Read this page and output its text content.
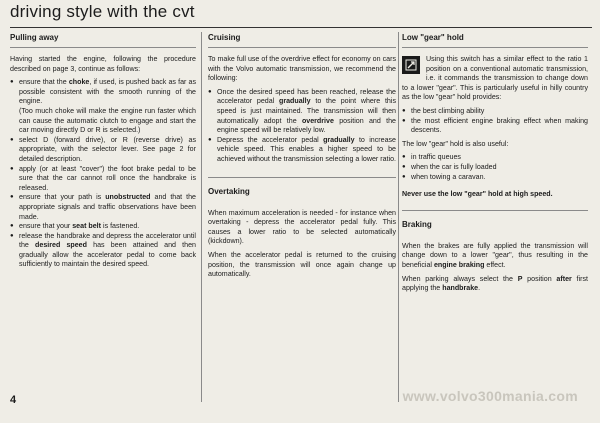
driving style with the cvt
Pulling away

Having started the engine, following the procedure described on page 3, continue as follows:

● ensure that the choke, if used, is pushed back as far as possible consistent with the smooth running of the engine.
(Too much choke will make the engine run faster which can cause the automatic clutch to engage and start the car moving directly D or R is selected.)
● select D (forward drive), or R (reverse drive) as appropriate, with the selector lever. See page 2 for detailed description.
● apply (or at least "cover") the foot brake pedal to be sure that the car cannot roll once the handbrake is released.
● ensure that your path is unobstructed and that the appropriate signals and traffic observations have been made.
● ensure that your seat belt is fastened.
● release the handbrake and depress the accelerator until the desired speed has been attained and then gradually allow the accelerator pedal to come back sufficiently to maintain the desired speed.
Cruising

To make full use of the overdrive effect for economy on cars with the Volvo automatic transmission, we recommend the following:

● Once the desired speed has been reached, release the accelerator pedal gradually to the point where this speed is just maintained. The transmission will then automatically adopt the overdrive position and the engine speed will be relatively low.
● Depress the accelerator pedal gradually to increase vehicle speed. This enables a higher speed to be achieved without the transmission selecting a lower ratio.
Overtaking

When maximum acceleration is needed - for instance when overtaking - depress the accelerator pedal fully. This causes a lower ratio to be selected automatically (kickdown).

When the accelerator pedal is returned to the cruising position, the transmission will once again change up automatically.

Low "gear" hold

Using this switch has a similar effect to the ratio 1 position on a conventional automatic transmission, i.e. it commands the transmission to change down to a lower "gear". This is particularly useful in hilly country as the low "gear" hold provides:

● the best climbing ability
● the most efficient engine braking effect when making descents.

The low "gear" hold is also useful:

● in traffic queues
● when the car is fully loaded
● when towing a caravan.
Never use the low "gear" hold at high speed.
Braking

When the brakes are fully applied the transmission will change down to a lower "gear", thus resulting in the beneficial engine braking effect.

When parking always select the P position after first applying the handbrake.

4	www.volvo300mania.com
